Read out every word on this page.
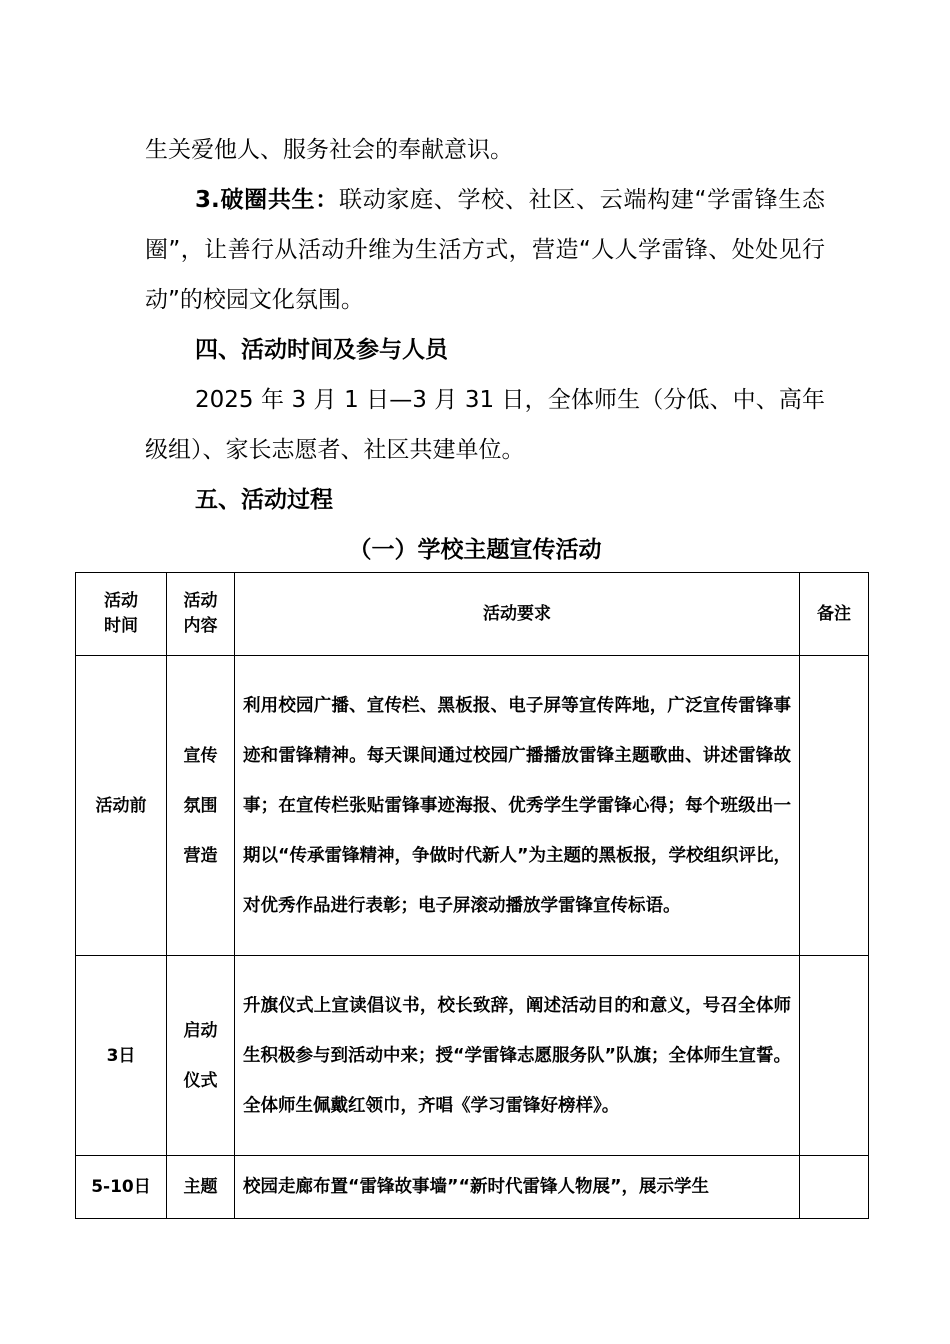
生关爱他人、服务社会的奉献意识。

3.破圈共生：联动家庭、学校、社区、云端构建“学雷锋生态圈”，让善行从活动升维为生活方式，营造“人人学雷锋、处处见行动”的校园文化氛围。

四、活动时间及参与人员

2025 年 3 月 1 日—3 月 31 日，全体师生（分低、中、高年级组）、家长志愿者、社区共建单位。

五、活动过程

（一）学校主题宣传活动

活动
时间	活动
内容	活动要求	备注
活动前	宣传
氛围
营造	利用校园广播、宣传栏、黑板报、电子屏等宣传阵地，广泛宣传雷锋事迹和雷锋精神。每天课间通过校园广播播放雷锋主题歌曲、讲述雷锋故事；在宣传栏张贴雷锋事迹海报、优秀学生学雷锋心得；每个班级出一期以“传承雷锋精神，争做时代新人”为主题的黑板报，学校组织评比，对优秀作品进行表彰；电子屏滚动播放学雷锋宣传标语。	
3日	启动
仪式	升旗仪式上宣读倡议书，校长致辞，阐述活动目的和意义，号召全体师生积极参与到活动中来；授“学雷锋志愿服务队”队旗；全体师生宣誓。全体师生佩戴红领巾，齐唱《学习雷锋好榜样》。	
5-10日	主题	校园走廊布置“雷锋故事墙”“新时代雷锋人物展”，展示学生	
